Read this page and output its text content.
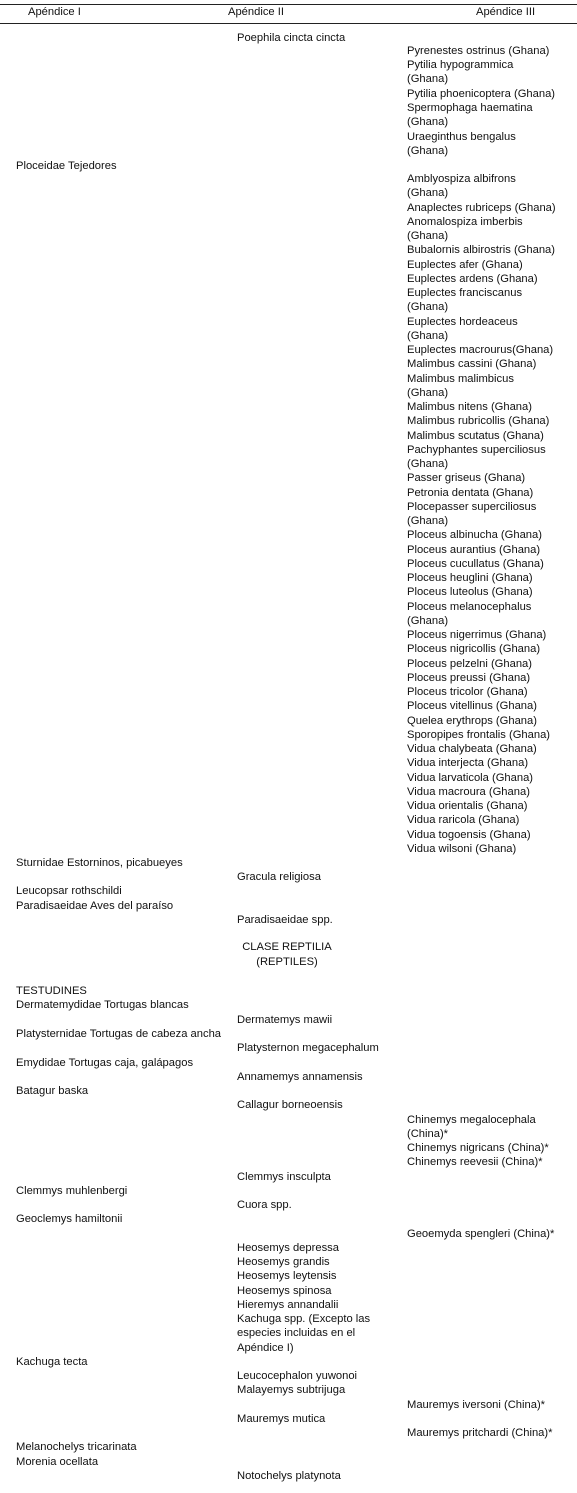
Apéndice I	Apéndice II	Apéndice III
Poephila cincta cincta
Pyrenestes ostrinus (Ghana)
Pytilia hypogrammica
(Ghana)
Pytilia phoenicoptera (Ghana)
Spermophaga haematina
(Ghana)
Uraeginthus bengalus
(Ghana)
Ploceidae Tejedores
Amblyospiza albifrons
(Ghana)
Anaplectes rubriceps (Ghana)
Anomalospiza imberbis
(Ghana)
Bubalornis albirostris (Ghana)
Euplectes afer (Ghana)
Euplectes ardens (Ghana)
Euplectes franciscanus
(Ghana)
Euplectes hordeaceus
(Ghana)
Euplectes macrourus(Ghana)
Malimbus cassini (Ghana)
Malimbus malimbicus
(Ghana)
Malimbus nitens (Ghana)
Malimbus rubricollis (Ghana)
Malimbus scutatus (Ghana)
Pachyphantes superciliosus
(Ghana)
Passer griseus (Ghana)
Petronia dentata (Ghana)
Plocepasser superciliosus
(Ghana)
Ploceus albinucha (Ghana)
Ploceus aurantius (Ghana)
Ploceus cucullatus (Ghana)
Ploceus heuglini (Ghana)
Ploceus luteolus (Ghana)
Ploceus melanocephalus
(Ghana)
Ploceus nigerrimus (Ghana)
Ploceus nigricollis (Ghana)
Ploceus pelzelni (Ghana)
Ploceus preussi (Ghana)
Ploceus tricolor (Ghana)
Ploceus vitellinus (Ghana)
Quelea erythrops (Ghana)
Sporopipes frontalis (Ghana)
Vidua chalybeata (Ghana)
Vidua interjecta (Ghana)
Vidua larvaticola (Ghana)
Vidua macroura (Ghana)
Vidua orientalis (Ghana)
Vidua raricola (Ghana)
Vidua togoensis (Ghana)
Vidua wilsoni (Ghana)
Sturnidae Estorninos, picabueyes
Gracula religiosa
Leucopsar rothschildi
Paradisaeidae Aves del paraíso
Paradisaeidae spp.
CLASE REPTILIA
(REPTILES)
TESTUDINES
Dermatemydidae Tortugas blancas
Dermatemys mawii
Platysternidae Tortugas de cabeza ancha
Platysternon megacephalum
Emydidae Tortugas caja, galápagos
Annamemys annamensis
Batagur baska
Callagur borneoensis
Chinemys megalocephala
(China)*
Chinemys nigricans (China)*
Chinemys reevesii (China)*
Clemmys insculpta
Clemmys muhlenbergi
Cuora spp.
Geoclemys hamiltonii
Geoemyda spengleri (China)*
Heosemys depressa
Heosemys grandis
Heosemys leytensis
Heosemys spinosa
Hieremys annandalii
Kachuga spp. (Excepto las
especies incluidas en el
Apéndice I)
Kachuga tecta
Leucocephalon yuwonoi
Malayemys subtrijuga
Mauremys iversoni (China)*
Mauremys mutica
Mauremys pritchardi (China)*
Melanochelys tricarinata
Morenia ocellata
Notochelys platynota
